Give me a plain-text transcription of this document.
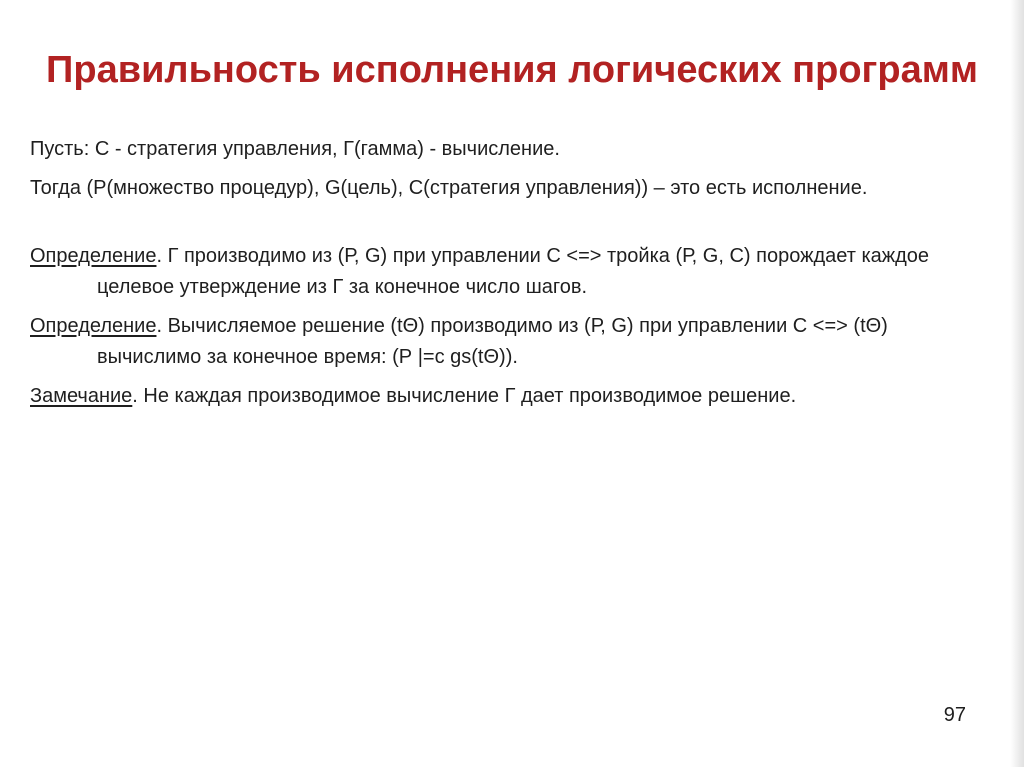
Правильность исполнения логических программ

Пусть: С - стратегия управления, Г(гамма) - вычисление.

Тогда (Р(множество процедур), G(цель), С(стратегия управления)) – это есть исполнение.

Определение. Г производимо из (Р, G) при управлении С <=> тройка (Р, G, С) порождает каждое целевое утверждение из Г за конечное число шагов.

Определение. Вычисляемое решение (tΘ) производимо из (Р, G) при управлении С <=> (tΘ) вычислимо за конечное время: (Р |=c gs(tΘ)).

Замечание. Не каждая производимое вычисление Г дает производимое решение.

97
